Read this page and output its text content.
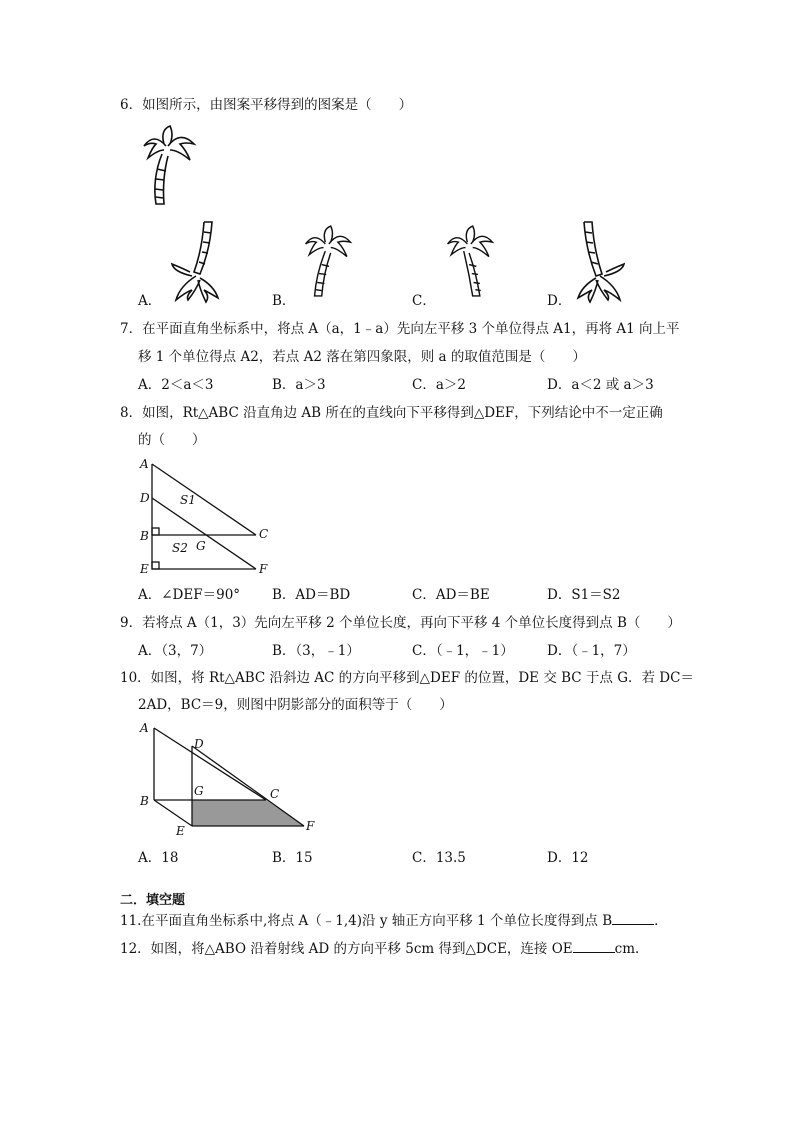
6．如图所示，由图案平移得到的图案是（　　）
A．	B．	C．	D．
7．在平面直角坐标系中，将点 A（a，1﹣a）先向左平移 3 个单位得点 A1，再将 A1 向上平
移 1 个单位得点 A2，若点 A2 落在第四象限，则 a 的取值范围是（　　）
A．2＜a＜3	B．a＞3	C．a＞2	D．a＜2 或 a＞3
8．如图，Rt△ABC 沿直角边 AB 所在的直线向下平移得到△DEF，下列结论中不一定正确
的（　　）
A
D
B
E
C
F
G
S1
S2
A．∠DEF＝90° B．AD＝BD	C．AD＝BE	D．S1＝S2
9．若将点 A（1，3）先向左平移 2 个单位长度，再向下平移 4 个单位长度得到点 B（　　）
A．（3，7）	B．（3，﹣1）	C．（﹣1，﹣1） D．（﹣1，7）
10．如图，将 Rt△ABC 沿斜边 AC 的方向平移到△DEF 的位置，DE 交 BC 于点 G．若 DC＝
2AD，BC＝9，则图中阴影部分的面积等于（　　）
A
D
G	C
B
E	F
A．18	B．15	C．13.5	D．12
二．填空题
11.在平面直角坐标系中,将点 A（﹣1,4)沿 y 轴正方向平移 1 个单位长度得到点 B	．
12．如图，将△ABO 沿着射线 AD 的方向平移 5cm 得到△DCE，连接 OE	cm．
